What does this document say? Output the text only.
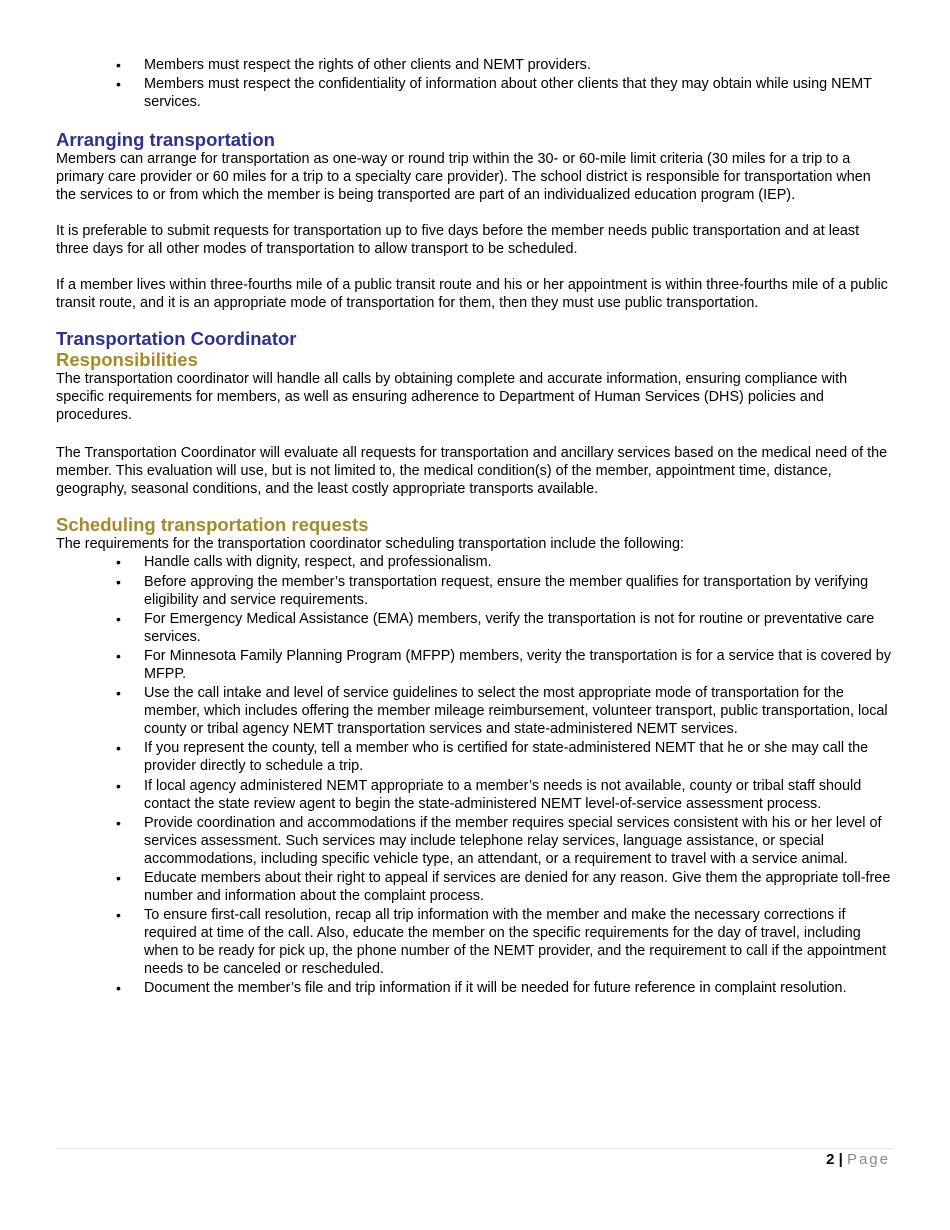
• Members must respect the rights of other clients and NEMT providers.
• Members must respect the confidentiality of information about other clients that they may obtain while using NEMT services.
Arranging transportation

Members can arrange for transportation as one-way or round trip within the 30- or 60-mile limit criteria (30 miles for a trip to a primary care provider or 60 miles for a trip to a specialty care provider). The school district is responsible for transportation when the services to or from which the member is being transported are part of an individualized education program (IEP).

It is preferable to submit requests for transportation up to five days before the member needs public transportation and at least three days for all other modes of transportation to allow transport to be scheduled.

If a member lives within three-fourths mile of a public transit route and his or her appointment is within three-fourths mile of a public transit route, and it is an appropriate mode of transportation for them, then they must use public transportation.

Transportation Coordinator
Responsibilities

The transportation coordinator will handle all calls by obtaining complete and accurate information, ensuring compliance with specific requirements for members, as well as ensuring adherence to Department of Human Services (DHS) policies and procedures.

The Transportation Coordinator will evaluate all requests for transportation and ancillary services based on the medical need of the member. This evaluation will use, but is not limited to, the medical condition(s) of the member, appointment time, distance, geography, seasonal conditions, and the least costly appropriate transports available.

Scheduling transportation requests

The requirements for the transportation coordinator scheduling transportation include the following:

• Handle calls with dignity, respect, and professionalism.
• Before approving the member’s transportation request, ensure the member qualifies for transportation by verifying eligibility and service requirements.
• For Emergency Medical Assistance (EMA) members, verify the transportation is not for routine or preventative care services.
• For Minnesota Family Planning Program (MFPP) members, verity the transportation is for a service that is covered by MFPP.
• Use the call intake and level of service guidelines to select the most appropriate mode of transportation for the member, which includes offering the member mileage reimbursement, volunteer transport, public transportation, local county or tribal agency NEMT transportation services and state-administered NEMT services.
• If you represent the county, tell a member who is certified for state-administered NEMT that he or she may call the provider directly to schedule a trip.
• If local agency administered NEMT appropriate to a member’s needs is not available, county or tribal staff should contact the state review agent to begin the state-administered NEMT level-of-service assessment process.
• Provide coordination and accommodations if the member requires special services consistent with his or her level of services assessment. Such services may include telephone relay services, language assistance, or special accommodations, including specific vehicle type, an attendant, or a requirement to travel with a service animal.
• Educate members about their right to appeal if services are denied for any reason. Give them the appropriate toll-free number and information about the complaint process.
• To ensure first-call resolution, recap all trip information with the member and make the necessary corrections if required at time of the call. Also, educate the member on the specific requirements for the day of travel, including when to be ready for pick up, the phone number of the NEMT provider, and the requirement to call if the appointment needs to be canceled or rescheduled.
• Document the member’s file and trip information if it will be needed for future reference in complaint resolution.
2 | Page
